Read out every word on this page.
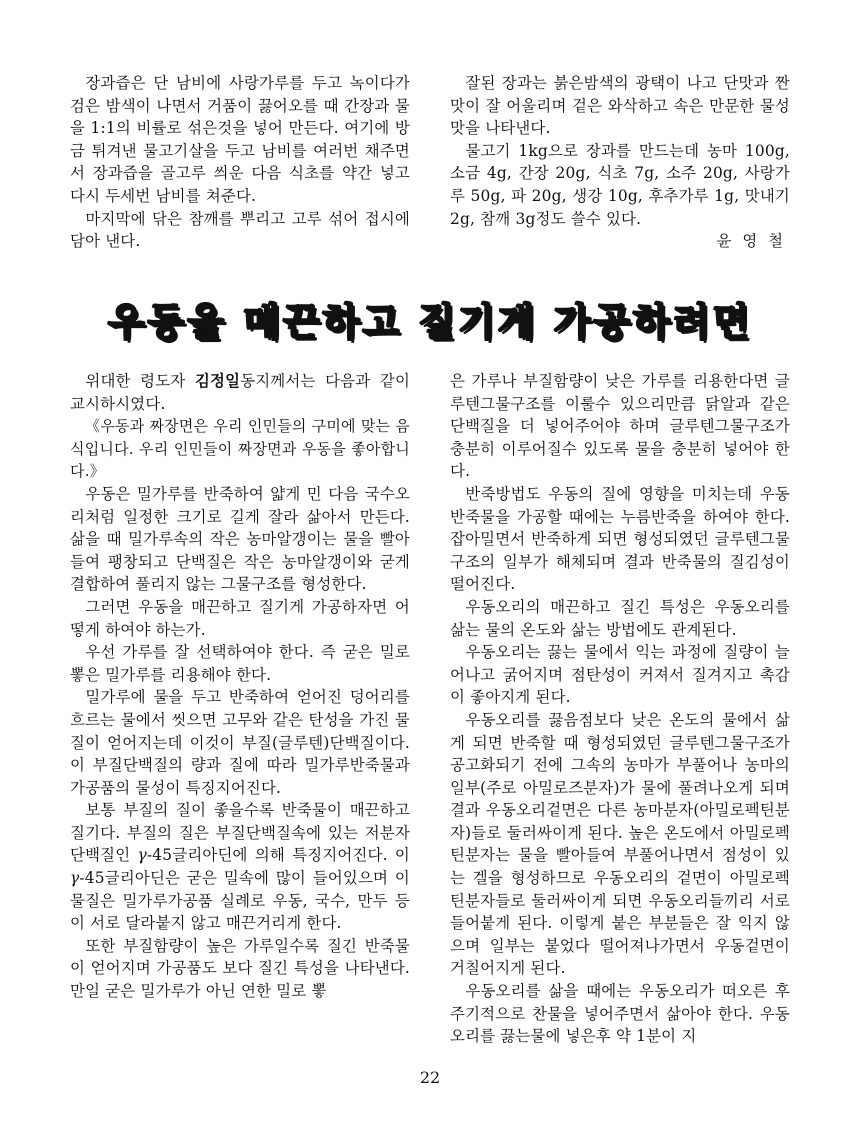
장과즙은 단 남비에 사랑가루를 두고 녹이다가 검은 밤색이 나면서 거품이 끓어오를 때 간장과 물을 1:1의 비률로 섞은것을 넣어 만든다. 여기에 방금 튀겨낸 물고기살을 두고 남비를 여러번 채주면서 장과즙을 골고루 씌운 다음 식초를 약간 넣고 다시 두세번 남비를 쳐준다.

마지막에 닦은 참깨를 뿌리고 고루 섞어 접시에 담아 낸다.

잘된 장과는 붉은밤색의 광택이 나고 단맛과 짠맛이 잘 어울리며 겉은 와삭하고 속은 만문한 물성맛을 나타낸다.

물고기 1kg으로 장과를 만드는데 농마 100g, 소금 4g, 간장 20g, 식초 7g, 소주 20g, 사랑가루 50g, 파 20g, 생강 10g, 후추가루 1g, 맛내기 2g, 참깨 3g정도 쓸수 있다.

윤 영 철
우동을 매끈하고 질기게 가공하려면

위대한 령도자 김정일동지께서는 다음과 같이 교시하시였다.

《우동과 짜장면은 우리 인민들의 구미에 맞는 음식입니다. 우리 인민들이 짜장면과 우동을 좋아합니다.》

우동은 밀가루를 반죽하여 얇게 민 다음 국수오리처럼 일정한 크기로 길게 잘라 삶아서 만든다. 삶을 때 밀가루속의 작은 농마알갱이는 물을 빨아들여 팽창되고 단백질은 작은 농마알갱이와 굳게 결합하여 풀리지 않는 그물구조를 형성한다.

그러면 우동을 매끈하고 질기게 가공하자면 어떻게 하여야 하는가.

우선 가루를 잘 선택하여야 한다. 즉 굳은 밀로 뽛은 밀가루를 리용해야 한다.

밀가루에 물을 두고 반죽하여 얻어진 덩어리를 흐르는 물에서 씻으면 고무와 같은 탄성을 가진 물질이 얻어지는데 이것이 부질(글루텐)단백질이다. 이 부질단백질의 량과 질에 따라 밀가루반죽물과 가공품의 물성이 특징지어진다.

보통 부질의 질이 좋을수록 반죽물이 매끈하고 질기다. 부질의 질은 부질단백질속에 있는 저분자단백질인 γ-45글리아딘에 의해 특징지어진다. 이 γ-45글리아딘은 굳은 밀속에 많이 들어있으며 이 물질은 밀가루가공품 실례로 우동, 국수, 만두 등이 서로 달라붙지 않고 매끈거리게 한다.

또한 부질함량이 높은 가루일수록 질긴 반죽물이 얻어지며 가공품도 보다 질긴 특성을 나타낸다. 만일 굳은 밀가루가 아닌 연한 밀로 뽛

은 가루나 부질함량이 낮은 가루를 리용한다면 글루텐그물구조를 이룰수 있으리만큼 닭알과 같은 단백질을 더 넣어주어야 하며 글루텐그물구조가 충분히 이루어질수 있도록 물을 충분히 넣어야 한다.

반죽방법도 우동의 질에 영향을 미치는데 우동반죽물을 가공할 때에는 누름반죽을 하여야 한다. 잡아밀면서 반죽하게 되면 형성되였던 글루텐그물구조의 일부가 해체되며 결과 반죽물의 질김성이 떨어진다.

우동오리의 매끈하고 질긴 특성은 우동오리를 삶는 물의 온도와 삶는 방법에도 관계된다.

우동오리는 끓는 물에서 익는 과정에 질량이 늘어나고 굵어지며 점탄성이 커져서 질겨지고 촉감이 좋아지게 된다.

우동오리를 끓음점보다 낮은 온도의 물에서 삶게 되면 반죽할 때 형성되였던 글루텐그물구조가 공고화되기 전에 그속의 농마가 부풀어나 농마의 일부(주로 아밀로즈분자)가 물에 풀려나오게 되며 결과 우동오리겉면은 다른 농마분자(아밀로펙틴분자)들로 둘러싸이게 된다. 높은 온도에서 아밀로펙틴분자는 물을 빨아들여 부풀어나면서 점성이 있는 겔을 형성하므로 우동오리의 겉면이 아밀로펙틴분자들로 둘러싸이게 되면 우동오리들끼리 서로 들어붙게 된다. 이렇게 붙은 부분들은 잘 익지 않으며 일부는 붙었다 떨어져나가면서 우동겉면이 거칠어지게 된다.

우동오리를 삶을 때에는 우동오리가 떠오른 후 주기적으로 찬물을 넣어주면서 삶아야 한다. 우동오리를 끓는물에 넣은후 약 1분이 지

22
